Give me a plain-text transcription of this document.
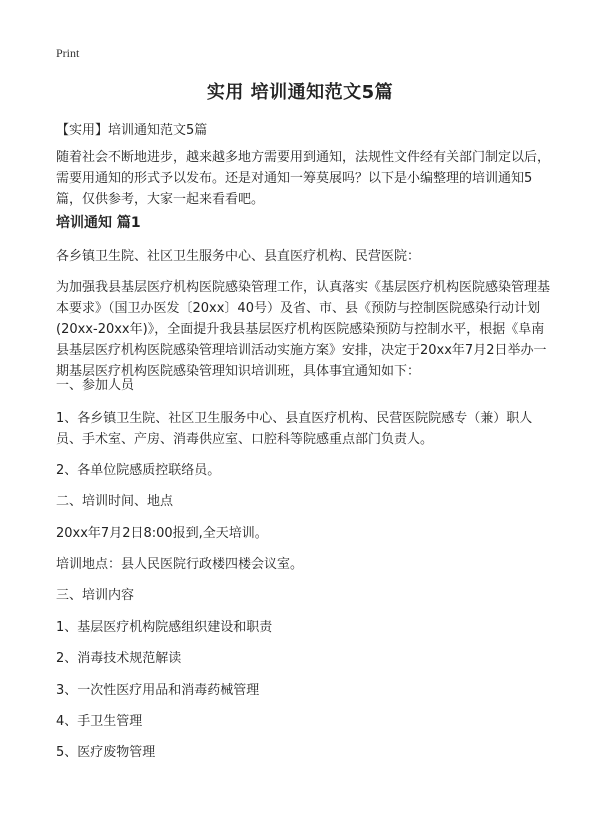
Print
实用 培训通知范文5篇

【实用】培训通知范文5篇

随着社会不断地进步，越来越多地方需要用到通知，法规性文件经有关部门制定以后，需要用通知的形式予以发布。还是对通知一筹莫展吗？以下是小编整理的培训通知5篇，仅供参考，大家一起来看看吧。

培训通知 篇1

各乡镇卫生院、社区卫生服务中心、县直医疗机构、民营医院：

为加强我县基层医疗机构医院感染管理工作，认真落实《基层医疗机构医院感染管理基本要求》（国卫办医发〔20xx〕40号）及省、市、县《预防与控制医院感染行动计划(20xx-20xx年)》，全面提升我县基层医疗机构医院感染预防与控制水平，根据《阜南县基层医疗机构医院感染管理培训活动实施方案》安排，决定于20xx年7月2日举办一期基层医疗机构医院感染管理知识培训班，具体事宜通知如下：

一、参加人员

1、各乡镇卫生院、社区卫生服务中心、县直医疗机构、民营医院院感专（兼）职人员、手术室、产房、消毒供应室、口腔科等院感重点部门负责人。

2、各单位院感质控联络员。

二、培训时间、地点

20xx年7月2日8:00报到,全天培训。

培训地点：县人民医院行政楼四楼会议室。

三、培训内容

1、基层医疗机构院感组织建设和职责

2、消毒技术规范解读

3、一次性医疗用品和消毒药械管理

4、手卫生管理

5、医疗废物管理
